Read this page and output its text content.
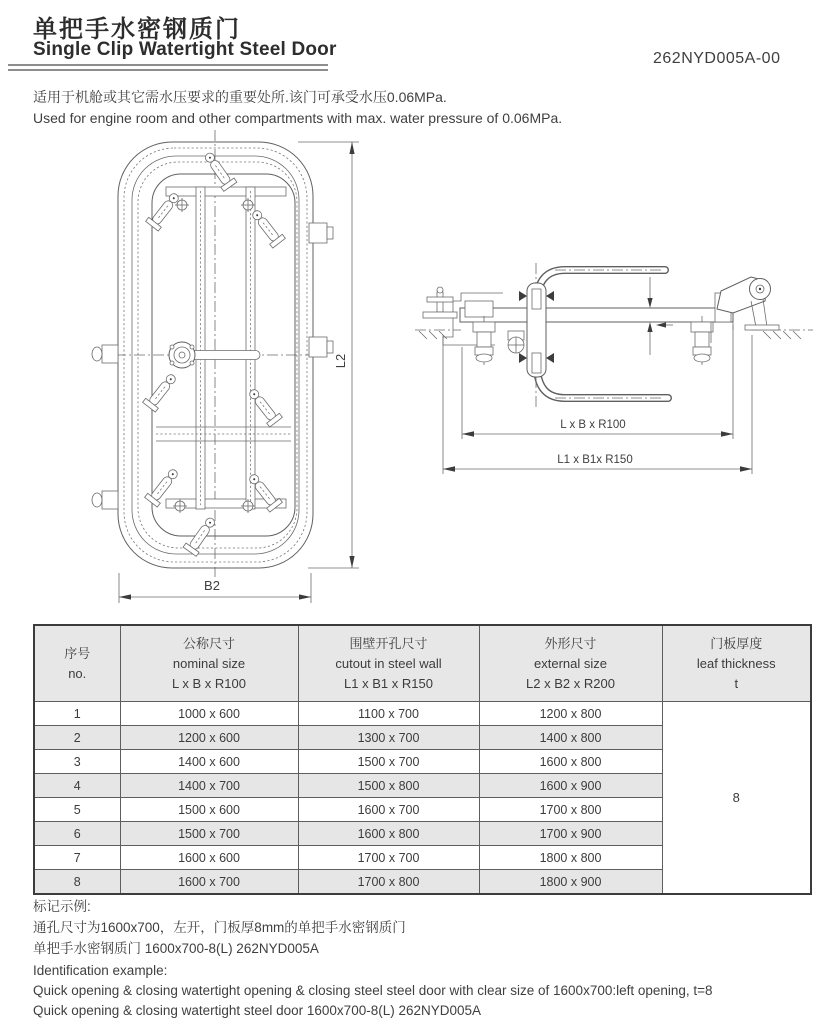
单把手水密钢质门
Single Clip Watertight Steel Door	262NYD005A-00
适用于机舱或其它需水压要求的重要处所.该门可承受水压0.06MPa.
Used for engine room and other compartments with max. water pressure of 0.06MPa.
L2
B2
L x B x R100
L1 x B1x R150
序号
no.

公称尺寸
nominal size
L x B x R100

围壁开孔尺寸
cutout in steel wall
L1 x B1 x R150

外形尺寸
external size
L2 x B2 x R200

门板厚度
leaf thickness
t

1	1000 x 600	1100 x 700	1200 x 800	8
2	1200 x 600	1300 x 700	1400 x 800	
3	1400 x 600	1500 x 700	1600 x 800	
4	1400 x 700	1500 x 800	1600 x 900	
5	1500 x 600	1600 x 700	1700 x 800	
6	1500 x 700	1600 x 800	1700 x 900	
7	1600 x 600	1700 x 700	1800 x 800	
8	1600 x 700	1700 x 800	1800 x 900	
标记示例:
通孔尺寸为1600x700，左开，门板厚8mm的单把手水密钢质门
单把手水密钢质门 1600x700-8(L) 262NYD005A
Identification example:
Quick opening & closing watertight opening & closing steel steel door with clear size of 1600x700:left opening, t=8
Quick opening & closing watertight steel door 1600x700-8(L) 262NYD005A
